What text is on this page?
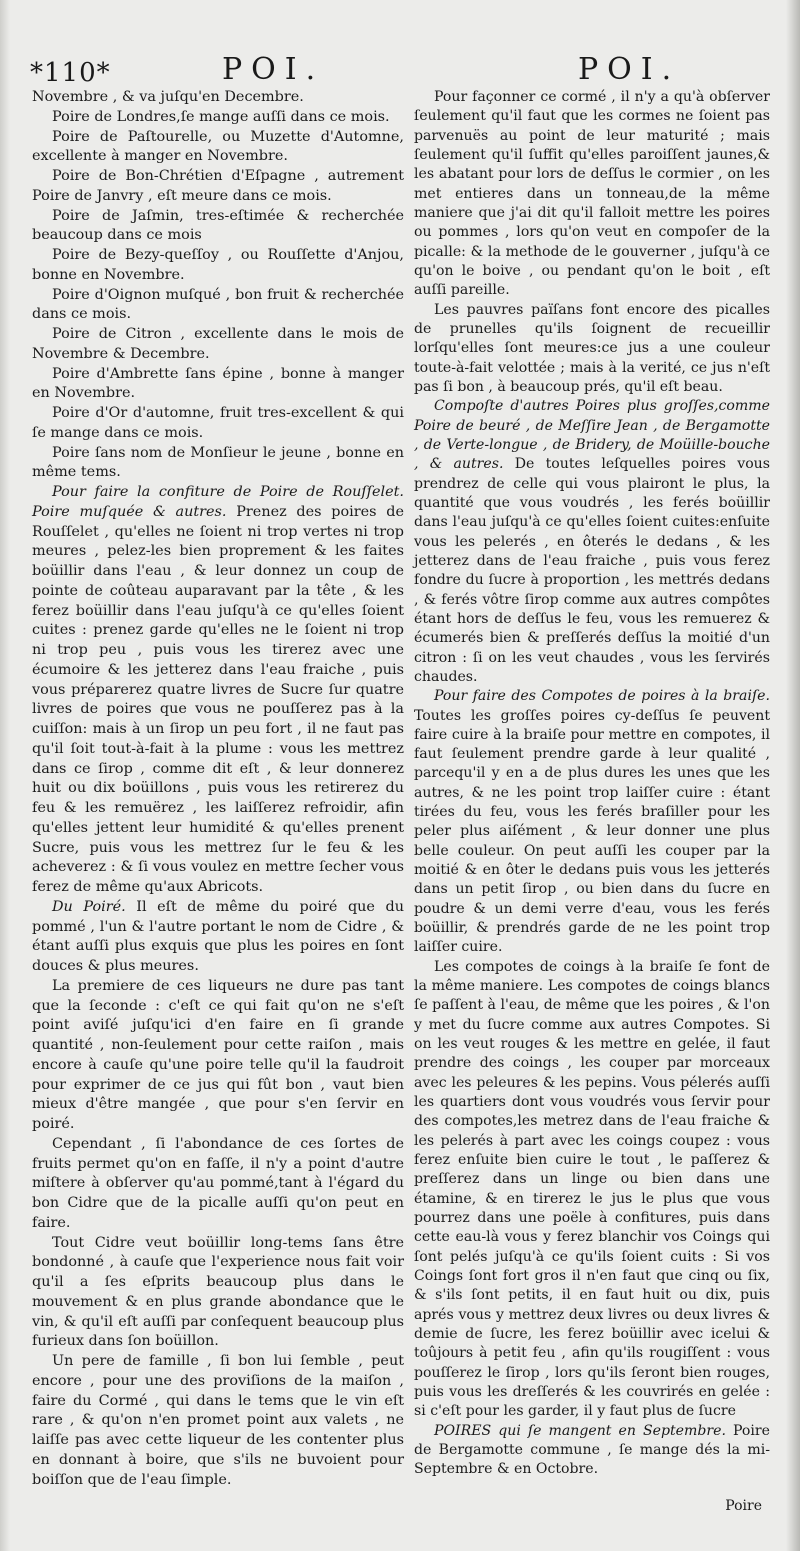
*110*	POI.	POI.

Novembre , & va juſqu'en Decembre.

Poire de Londres,ſe mange auſſi dans ce mois.

Poire de Paſtourelle, ou Muzette d'Automne, excellente à manger en Novembre.

Poire de Bon-Chrétien d'Eſpagne , autrement Poire de Janvry , eſt meure dans ce mois.

Poire de Jaſmin, tres-eſtimée & recherchée beaucoup dans ce mois

Poire de Bezy-queſſoy , ou Rouſſette d'Anjou, bonne en Novembre.

Poire d'Oignon muſqué , bon fruit & recherchée dans ce mois.

Poire de Citron , excellente dans le mois de Novembre & Decembre.

Poire d'Ambrette ſans épine , bonne à manger en Novembre.

Poire d'Or d'automne, fruit tres-excellent & qui ſe mange dans ce mois.

Poire ſans nom de Monſieur le jeune , bonne en même tems.

Pour faire la confiture de Poire de Rouſſelet. Poire muſquée & autres. Prenez des poires de Rouſſelet , qu'elles ne ſoient ni trop vertes ni trop meures , pelez-les bien proprement & les faites boüillir dans l'eau , & leur donnez un coup de pointe de coûteau auparavant par la tête , & les ferez boüillir dans l'eau juſqu'à ce qu'elles ſoient cuites : prenez garde qu'elles ne le ſoient ni trop ni trop peu , puis vous les tirerez avec une écumoire & les jetterez dans l'eau fraiche , puis vous préparerez quatre livres de Sucre ſur quatre livres de poires que vous ne pouſſerez pas à la cuiſſon: mais à un ſirop un peu fort , il ne faut pas qu'il ſoit tout-à-fait à la plume : vous les mettrez dans ce ſirop , comme dit eſt , & leur donnerez huit ou dix boüillons , puis vous les retirerez du feu & les remuërez , les laiſſerez refroidir, afin qu'elles jettent leur humidité & qu'elles prenent Sucre, puis vous les mettrez ſur le feu & les acheverez : & ſi vous voulez en mettre ſecher vous ferez de même qu'aux Abricots.

Du Poiré. Il eſt de même du poiré que du pommé , l'un & l'autre portant le nom de Cidre , & étant auſſi plus exquis que plus les poires en ſont douces & plus meures.

La premiere de ces liqueurs ne dure pas tant que la ſeconde : c'eſt ce qui fait qu'on ne s'eſt point aviſé juſqu'ici d'en faire en ſi grande quantité , non-ſeulement pour cette raiſon , mais encore à cauſe qu'une poire telle qu'il la faudroit pour exprimer de ce jus qui fût bon , vaut bien mieux d'être mangée , que pour s'en ſervir en poiré.

Cependant , ſi l'abondance de ces ſortes de fruits permet qu'on en faſſe, il n'y a point d'autre miſtere à obſerver qu'au pommé,tant à l'égard du bon Cidre que de la picalle auſſi qu'on peut en faire.

Tout Cidre veut boüillir long-tems ſans être bondonné , à cauſe que l'experience nous fait voir qu'il a ſes eſprits beaucoup plus dans le mouvement & en plus grande abondance que le vin, & qu'il eſt auſſi par conſequent beaucoup plus furieux dans ſon boüillon.

Un pere de famille , ſi bon lui ſemble , peut encore , pour une des proviſions de la maiſon , faire du Cormé , qui dans le tems que le vin eſt rare , & qu'on n'en promet point aux valets , ne laiſſe pas avec cette liqueur de les contenter plus en donnant à boire, que s'ils ne buvoient pour boiſſon que de l'eau ſimple.

Pour façonner ce cormé , il n'y a qu'à obſerver ſeulement qu'il faut que les cormes ne ſoient pas parvenuës au point de leur maturité ; mais ſeulement qu'il ſuffit qu'elles paroiſſent jaunes,& les abatant pour lors de deſſus le cormier , on les met entieres dans un tonneau,de la même maniere que j'ai dit qu'il falloit mettre les poires ou pommes , lors qu'on veut en compoſer de la picalle: & la methode de le gouverner , juſqu'à ce qu'on le boive , ou pendant qu'on le boit , eſt auſſi pareille.

Les pauvres païſans font encore des picalles de prunelles qu'ils ſoignent de recueillir lorſqu'elles ſont meures:ce jus a une couleur toute-à-fait velottée ; mais à la verité, ce jus n'eſt pas ſi bon , à beaucoup prés, qu'il eſt beau.

Compoſte d'autres Poires plus groſſes,comme Poire de beuré , de Meſſire Jean , de Bergamotte , de Verte-longue , de Bridery, de Moüille-bouche , & autres. De toutes leſquelles poires vous prendrez de celle qui vous plairont le plus, la quantité que vous voudrés , les ferés boüillir dans l'eau juſqu'à ce qu'elles ſoient cuites:enſuite vous les pelerés , en ôterés le dedans , & les jetterez dans de l'eau fraiche , puis vous ferez fondre du ſucre à proportion , les mettrés dedans , & ferés vôtre ſirop comme aux autres compôtes étant hors de deſſus le feu, vous les remuerez & écumerés bien & preſſerés deſſus la moitié d'un citron : ſi on les veut chaudes , vous les ſervirés chaudes.

Pour faire des Compotes de poires à la braiſe. Toutes les groſſes poires cy-deſſus ſe peuvent faire cuire à la braiſe pour mettre en compotes, il faut ſeulement prendre garde à leur qualité , parcequ'il y en a de plus dures les unes que les autres, & ne les point trop laiſſer cuire : étant tirées du feu, vous les ferés braſiller pour les peler plus aiſément , & leur donner une plus belle couleur. On peut auſſi les couper par la moitié & en ôter le dedans puis vous les jetterés dans un petit ſirop , ou bien dans du ſucre en poudre & un demi verre d'eau, vous les ferés boüillir, & prendrés garde de ne les point trop laiſſer cuire.

Les compotes de coings à la braiſe ſe font de la même maniere. Les compotes de coings blancs ſe paſſent à l'eau, de même que les poires , & l'on y met du ſucre comme aux autres Compotes. Si on les veut rouges & les mettre en gelée, il faut prendre des coings , les couper par morceaux avec les peleures & les pepins. Vous pélerés auſſi les quartiers dont vous voudrés vous ſervir pour des compotes,les metrez dans de l'eau fraiche & les pelerés à part avec les coings coupez : vous ferez enſuite bien cuire le tout , le paſſerez & preſſerez dans un linge ou bien dans une étamine, & en tirerez le jus le plus que vous pourrez dans une poële à confitures, puis dans cette eau-là vous y ferez blanchir vos Coings qui ſont pelés juſqu'à ce qu'ils ſoient cuits : Si vos Coings ſont fort gros il n'en faut que cinq ou ſix, & s'ils ſont petits, il en faut huit ou dix, puis aprés vous y mettrez deux livres ou deux livres & demie de ſucre, les ferez boüillir avec icelui & toûjours à petit feu , afin qu'ils rougiſſent : vous pouſſerez le ſirop , lors qu'ils ſeront bien rouges, puis vous les dreſſerés & les couvrirés en gelée : si c'eſt pour les garder, il y faut plus de ſucre

POIRES qui ſe mangent en Septembre. Poire de Bergamotte commune , ſe mange dés la mi-Septembre & en Octobre.

Poire
